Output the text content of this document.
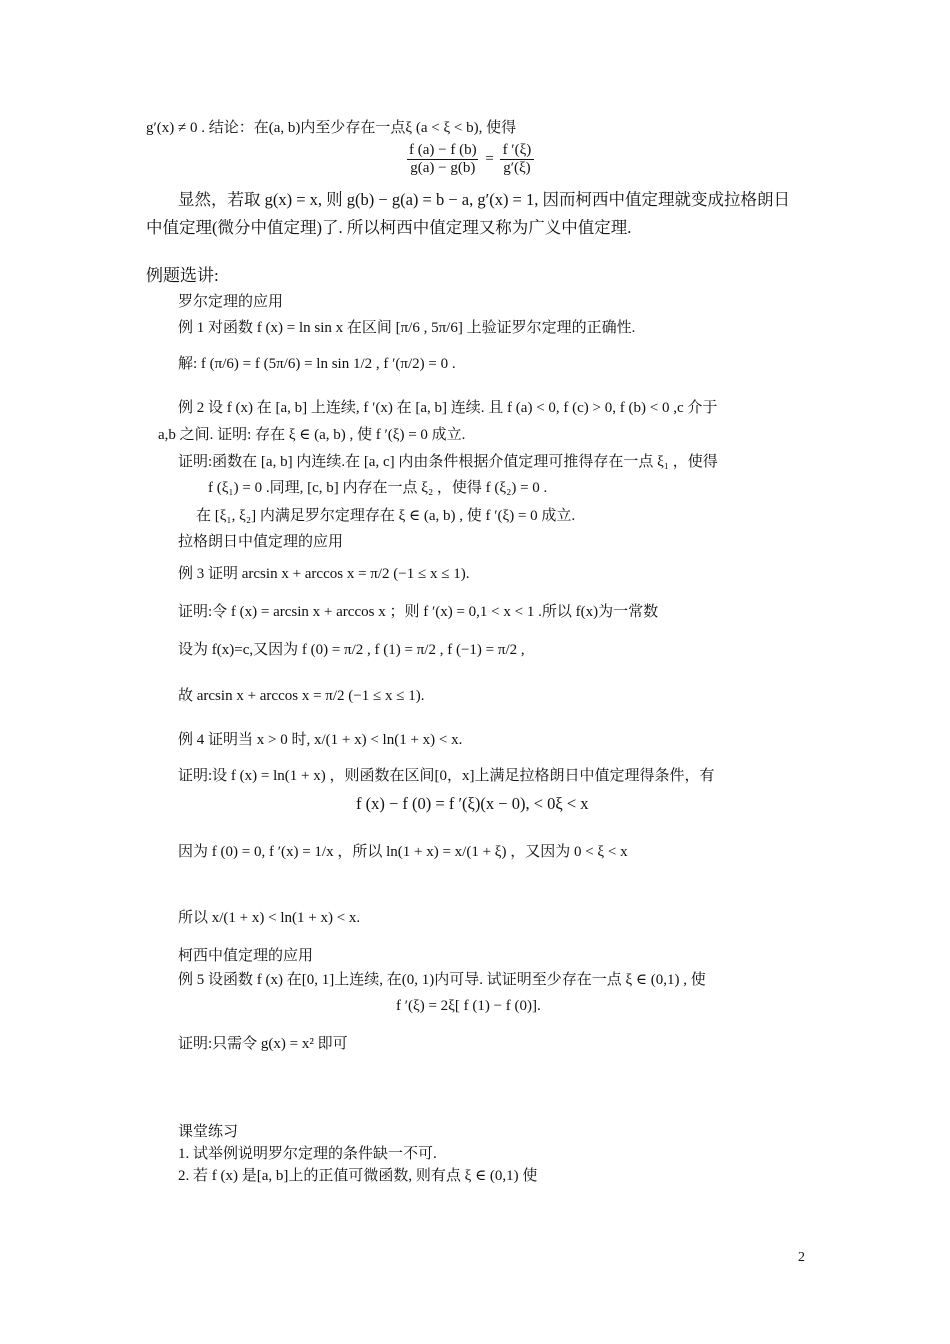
g′(x) ≠ 0 . 结论：在(a, b)内至少存在一点ξ (a < ξ < b), 使得
$\frac{f (a) - f (b)}{g(a) - g(b)} = \frac{f '(\xi)}{g'(\xi)}$
显然，若取 g(x) = x, 则 g(b) − g(a) = b − a, g′(x) = 1, 因而柯西中值定理就变成拉格朗日
中值定理(微分中值定理)了. 所以柯西中值定理又称为广义中值定理.
例题选讲:
罗尔定理的应用
例 1 对函数 f (x) = ln sin x 在区间 [π/6 , 5π/6] 上验证罗尔定理的正确性.
解: f (π/6) = f (5π/6) = ln sin 1/2 , f ′(π/2) = 0 .
例 2 设 f (x) 在 [a, b] 上连续, f ′(x) 在 [a, b] 连续. 且 f (a) < 0, f (c) > 0, f (b) < 0 ,c 介于
a,b 之间. 证明: 存在 ξ ∈ (a, b) , 使 f ′(ξ) = 0 成立.
证明:函数在 [a, b] 内连续.在 [a, c] 内由条件根据介值定理可推得存在一点 ξ₁ ，使得
f (ξ₁) = 0 .同理, [c, b] 内存在一点 ξ₂ ，使得 f (ξ₂) = 0 .
在 [ξ₁, ξ₂] 内满足罗尔定理存在 ξ ∈ (a, b) , 使 f ′(ξ) = 0 成立.
拉格朗日中值定理的应用
例 3 证明 arcsin x + arccos x = π/2 (−1 ≤ x ≤ 1).
证明:令 f (x) = arcsin x + arccos x ；则 f ′(x) = 0,1 < x < 1 .所以 f(x)为一常数
设为 f(x)=c,又因为 f (0) = π/2 , f (1) = π/2 , f (−1) = π/2 ,
故 arcsin x + arccos x = π/2 (−1 ≤ x ≤ 1).
例 4 证明当 x > 0 时, x/(1 + x) < ln(1 + x) < x.
证明:设 f (x) = ln(1 + x) ，则函数在区间[0，x]上满足拉格朗日中值定理得条件，有
f (x) − f (0) = f ′(ξ)(x − 0), < 0ξ < x
因为 f (0) = 0, f ′(x) = 1/x ，所以 ln(1 + x) = x/(1 + ξ) ，又因为 0 < ξ < x
所以 x/(1 + x) < ln(1 + x) < x.
柯西中值定理的应用
例 5 设函数 f (x) 在[0, 1]上连续, 在(0, 1)内可导. 试证明至少存在一点 ξ ∈ (0,1) , 使
f ′(ξ) = 2ξ[ f (1) − f (0)].
证明:只需令 g(x) = x² 即可
课堂练习
1. 试举例说明罗尔定理的条件缺一不可.
2. 若 f (x) 是[a, b]上的正值可微函数, 则有点 ξ ∈ (0,1) 使
2
